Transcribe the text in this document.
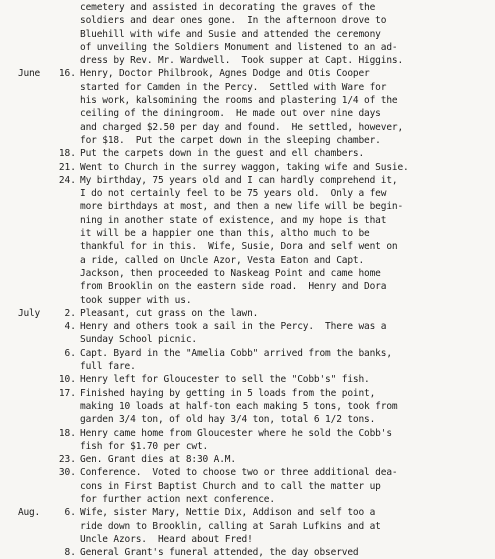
cemetery and assisted in decorating the graves of the
soldiers and dear ones gone.  In the afternoon drove to
Bluehill with wife and Susie and attended the ceremony
of unveiling the Soldiers Monument and listened to an ad-
dress by Rev. Mr. Wardwell.  Took supper at Capt. Higgins.
June	16. Henry, Doctor Philbrook, Agnes Dodge and Otis Cooper
started for Camden in the Percy.  Settled with Ware for
his work, kalsomining the rooms and plastering 1/4 of the
ceiling of the diningroom.  He made out over nine days
and charged $2.50 per day and found.  He settled, however,
for $18.  Put the carpet down in the sleeping chamber.
18. Put the carpets down in the guest and ell chambers.
21. Went to Church in the surrey waggon, taking wife and Susie.
24. My birthday, 75 years old and I can hardly comprehend it,
I do not certainly feel to be 75 years old.  Only a few
more birthdays at most, and then a new life will be begin-
ning in another state of existence, and my hope is that
it will be a happier one than this, altho much to be
thankful for in this.  Wife, Susie, Dora and self went on
a ride, called on Uncle Azor, Vesta Eaton and Capt.
Jackson, then proceeded to Naskeag Point and came home
from Brooklin on the eastern side road.  Henry and Dora
took supper with us.
July	2. Pleasant, cut grass on the lawn.
4. Henry and others took a sail in the Percy.  There was a
Sunday School picnic.
6. Capt. Byard in the "Amelia Cobb" arrived from the banks,
full fare.
10. Henry left for Gloucester to sell the "Cobb's" fish.
17. Finished haying by getting in 5 loads from the point,
making 10 loads at half-ton each making 5 tons, took from
garden 3/4 ton, of old hay 3/4 ton, total 6 1/2 tons.
18. Henry came home from Gloucester where he sold the Cobb's
fish for $1.70 per cwt.
23. Gen. Grant dies at 8:30 A.M.
30. Conference.  Voted to choose two or three additional dea-
cons in First Baptist Church and to call the matter up
for further action next conference.
Aug.	6. Wife, sister Mary, Nettie Dix, Addison and self too a
ride down to Brooklin, calling at Sarah Lufkins and at
Uncle Azors.  Heard about Fred!
8. General Grant's funeral attended, the day observed
